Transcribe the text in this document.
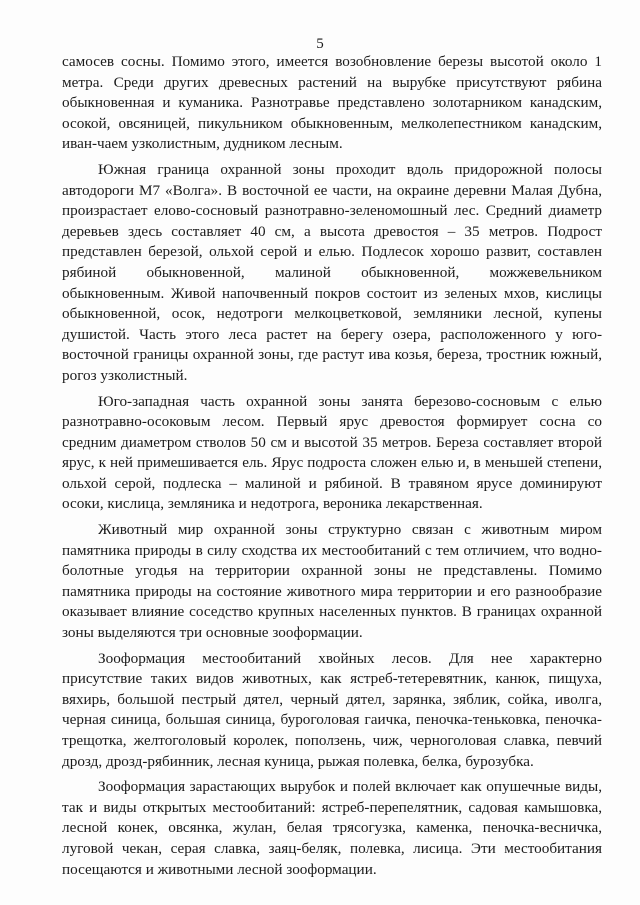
5

самосев сосны. Помимо этого, имеется возобновление березы высотой около 1 метра. Среди других древесных растений на вырубке присутствуют рябина обыкновенная и куманика. Разнотравье представлено золотарником канадским, осокой, овсяницей, пикульником обыкновенным, мелколепестником канадским, иван-чаем узколистным, дудником лесным.

Южная граница охранной зоны проходит вдоль придорожной полосы автодороги М7 «Волга». В восточной ее части, на окраине деревни Малая Дубна, произрастает елово-сосновый разнотравно-зеленомошный лес. Средний диаметр деревьев здесь составляет 40 см, а высота древостоя – 35 метров. Подрост представлен березой, ольхой серой и елью. Подлесок хорошо развит, составлен рябиной обыкновенной, малиной обыкновенной, можжевельником обыкновенным. Живой напочвенный покров состоит из зеленых мхов, кислицы обыкновенной, осок, недотроги мелкоцветковой, земляники лесной, купены душистой. Часть этого леса растет на берегу озера, расположенного у юго-восточной границы охранной зоны, где растут ива козья, береза, тростник южный, рогоз узколистный.

Юго-западная часть охранной зоны занята березово-сосновым с елью разнотравно-осоковым лесом. Первый ярус древостоя формирует сосна со средним диаметром стволов 50 см и высотой 35 метров. Береза составляет второй ярус, к ней примешивается ель. Ярус подроста сложен елью и, в меньшей степени, ольхой серой, подлеска – малиной и рябиной. В травяном ярусе доминируют осоки, кислица, земляника и недотрога, вероника лекарственная.

Животный мир охранной зоны структурно связан с животным миром памятника природы в силу сходства их местообитаний с тем отличием, что водно-болотные угодья на территории охранной зоны не представлены. Помимо памятника природы на состояние животного мира территории и его разнообразие оказывает влияние соседство крупных населенных пунктов. В границах охранной зоны выделяются три основные зооформации.

Зооформация местообитаний хвойных лесов. Для нее характерно присутствие таких видов животных, как ястреб-тетеревятник, канюк, пищуха, вяхирь, большой пестрый дятел, черный дятел, зарянка, зяблик, сойка, иволга, черная синица, большая синица, буроголовая гаичка, пеночка-теньковка, пеночка-трещотка, желтоголовый королек, поползень, чиж, черноголовая славка, певчий дрозд, дрозд-рябинник, лесная куница, рыжая полевка, белка, бурозубка.

Зооформация зарастающих вырубок и полей включает как опушечные виды, так и виды открытых местообитаний: ястреб-перепелятник, садовая камышовка, лесной конек, овсянка, жулан, белая трясогузка, каменка, пеночка-весничка, луговой чекан, серая славка, заяц-беляк, полевка, лисица. Эти местообитания посещаются и животными лесной зооформации.
